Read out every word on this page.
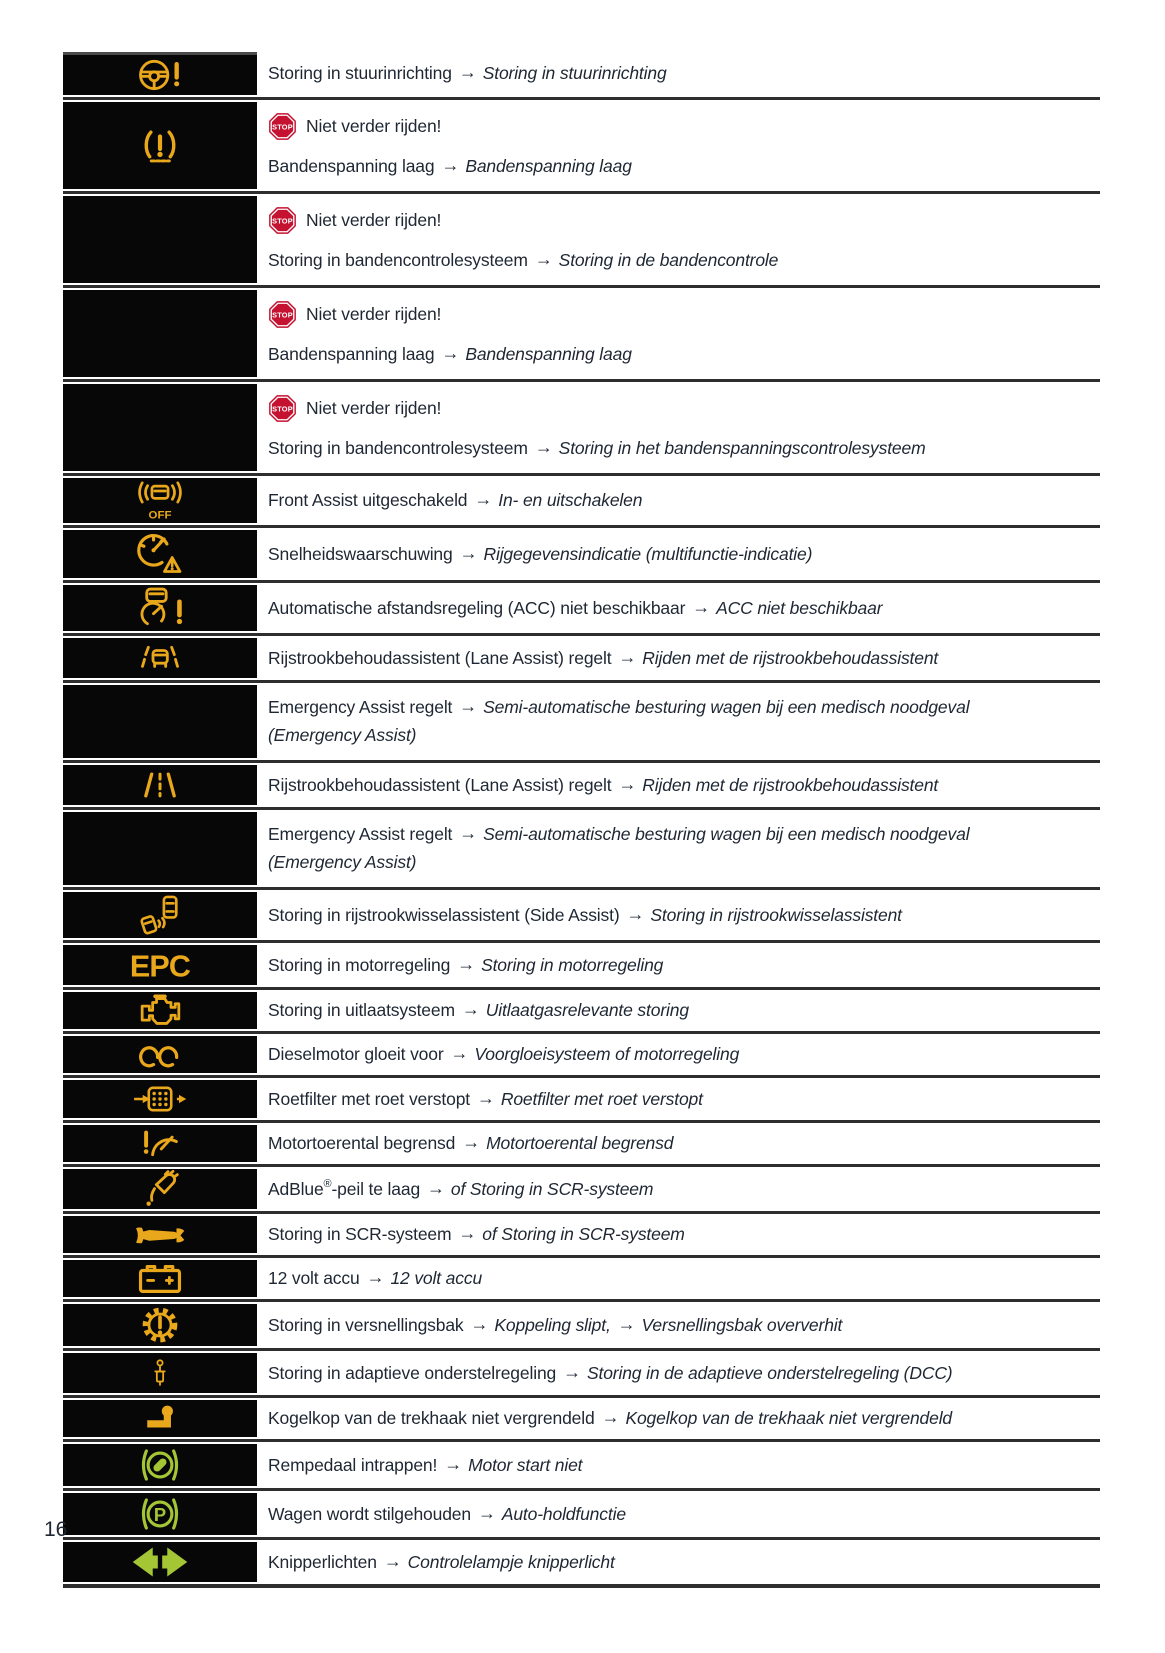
Storing in stuurinrichting → Storing in stuurinrichting
Niet verder rijden!
Bandenspanning laag → Bandenspanning laag
Niet verder rijden!
Storing in bandencontrolesysteem → Storing in de bandencontrole
Niet verder rijden!
Bandenspanning laag → Bandenspanning laag
Niet verder rijden!
Storing in bandencontrolesysteem → Storing in het bandenspanningscontrolesysteem
Front Assist uitgeschakeld → In- en uitschakelen
Snelheidswaarschuwing → Rijgegevensindicatie (multifunctie-indicatie)
Automatische afstandsregeling (ACC) niet beschikbaar → ACC niet beschikbaar
Rijstrookbehoudassistent (Lane Assist) regelt → Rijden met de rijstrookbehoudassistent
Emergency Assist regelt → Semi-automatische besturing wagen bij een medisch noodgeval
(Emergency Assist)
Rijstrookbehoudassistent (Lane Assist) regelt → Rijden met de rijstrookbehoudassistent
Emergency Assist regelt → Semi-automatische besturing wagen bij een medisch noodgeval
(Emergency Assist)
Storing in rijstrookwisselassistent (Side Assist) → Storing in rijstrookwisselassistent
Storing in motorregeling → Storing in motorregeling
Storing in uitlaatsysteem → Uitlaatgasrelevante storing
Dieselmotor gloeit voor → Voorgloeisysteem of motorregeling
Roetfilter met roet verstopt → Roetfilter met roet verstopt
Motortoerental begrensd → Motortoerental begrensd
AdBlue ® -peil te laag → of Storing in SCR-systeem
Storing in SCR-systeem → of Storing in SCR-systeem
12 volt accu → 12 volt accu
Storing in versnellingsbak → Koppeling slipt, → Versnellingsbak oververhit
Storing in adaptieve onderstelregeling → Storing in de adaptieve onderstelregeling (DCC)
Kogelkop van de trekhaak niet vergrendeld → Kogelkop van de trekhaak niet vergrendeld
Rempedaal intrappen! → Motor start niet
Wagen wordt stilgehouden → Auto-holdfunctie
Knipperlichten → Controlelampje knipperlicht
16
